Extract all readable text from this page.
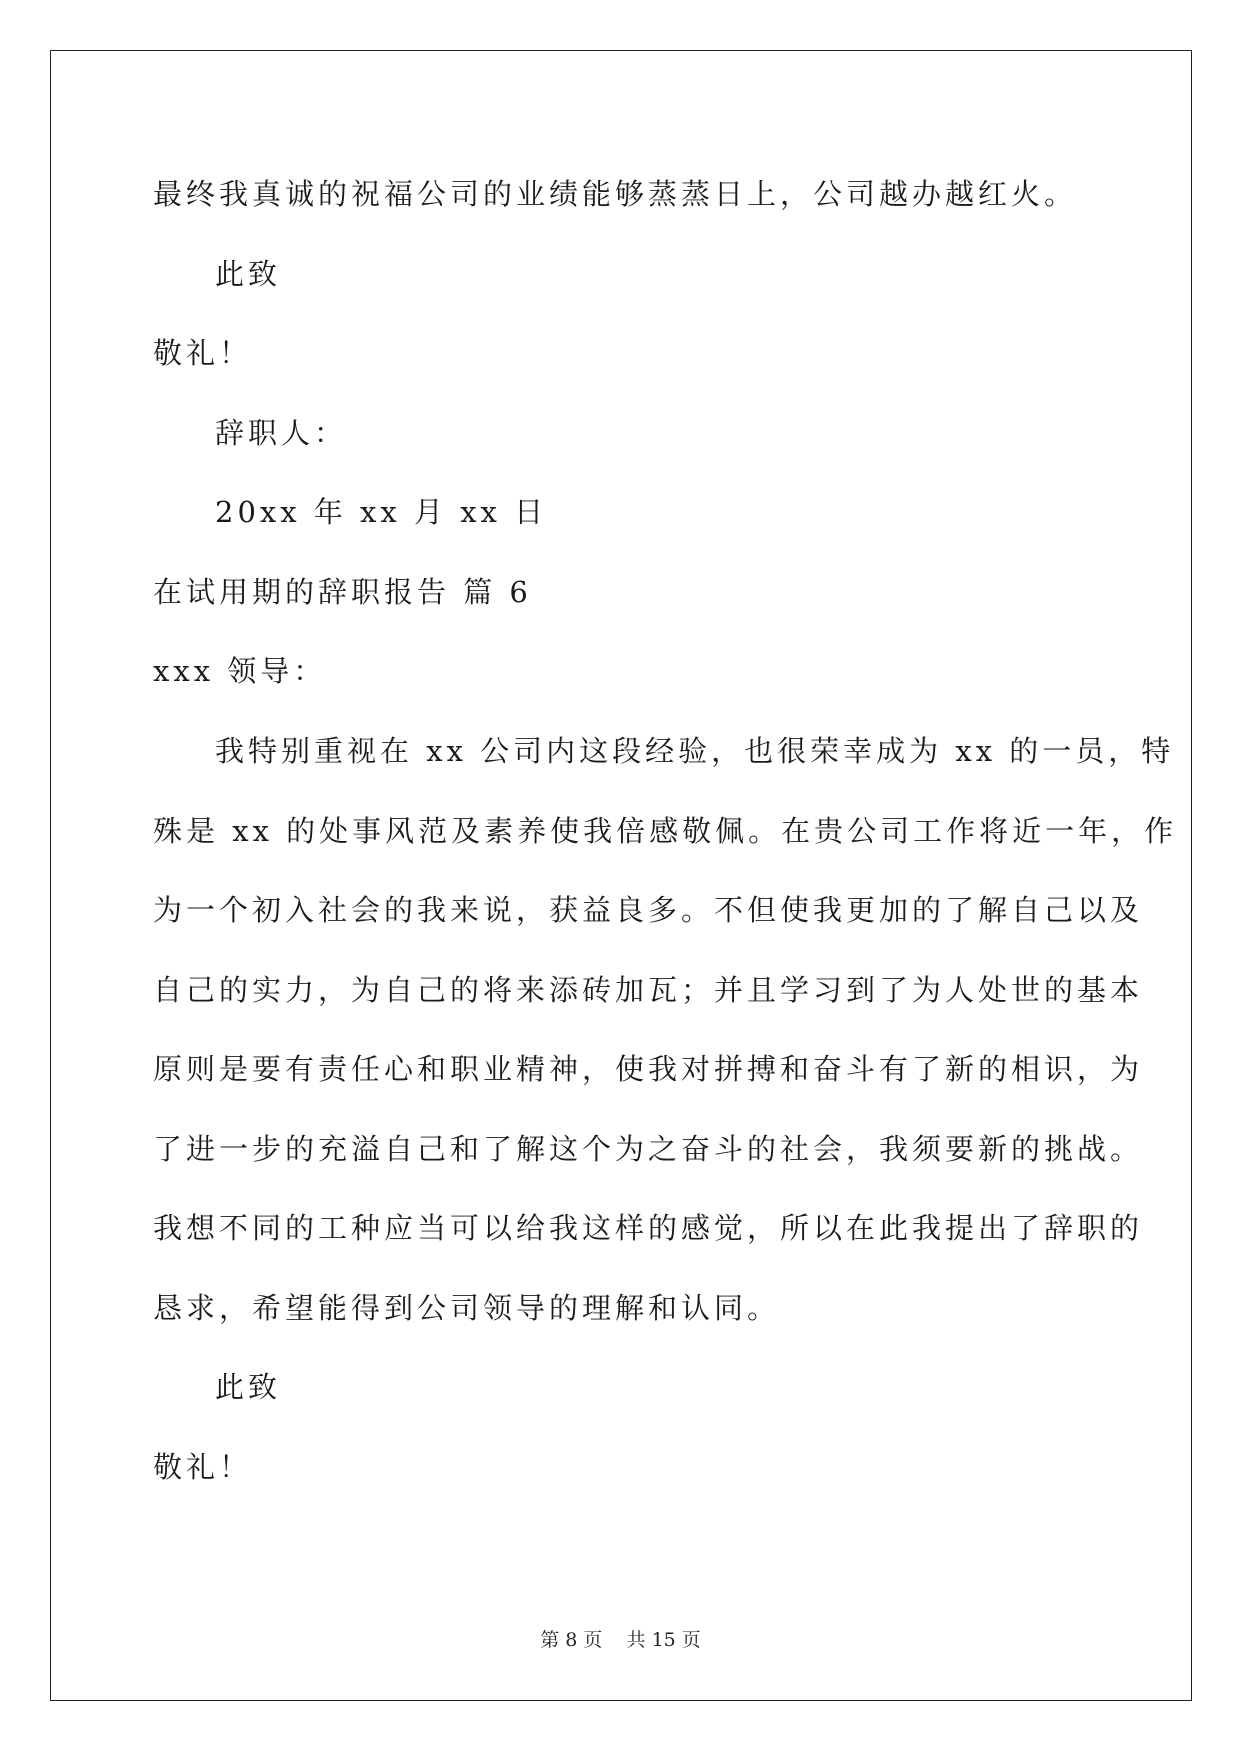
最终我真诚的祝福公司的业绩能够蒸蒸日上，公司越办越红火。
此致
敬礼！
辞职人：
20xx 年 xx 月 xx 日
在试用期的辞职报告 篇 6
xxx 领导：
我特别重视在 xx 公司内这段经验，也很荣幸成为 xx 的一员，特
殊是 xx 的处事风范及素养使我倍感敬佩。在贵公司工作将近一年，作
为一个初入社会的我来说，获益良多。不但使我更加的了解自己以及
自己的实力，为自己的将来添砖加瓦；并且学习到了为人处世的基本
原则是要有责任心和职业精神，使我对拼搏和奋斗有了新的相识，为
了进一步的充溢自己和了解这个为之奋斗的社会，我须要新的挑战。
我想不同的工种应当可以给我这样的感觉，所以在此我提出了辞职的
恳求，希望能得到公司领导的理解和认同。
此致
敬礼！
第 8 页    共 15 页
